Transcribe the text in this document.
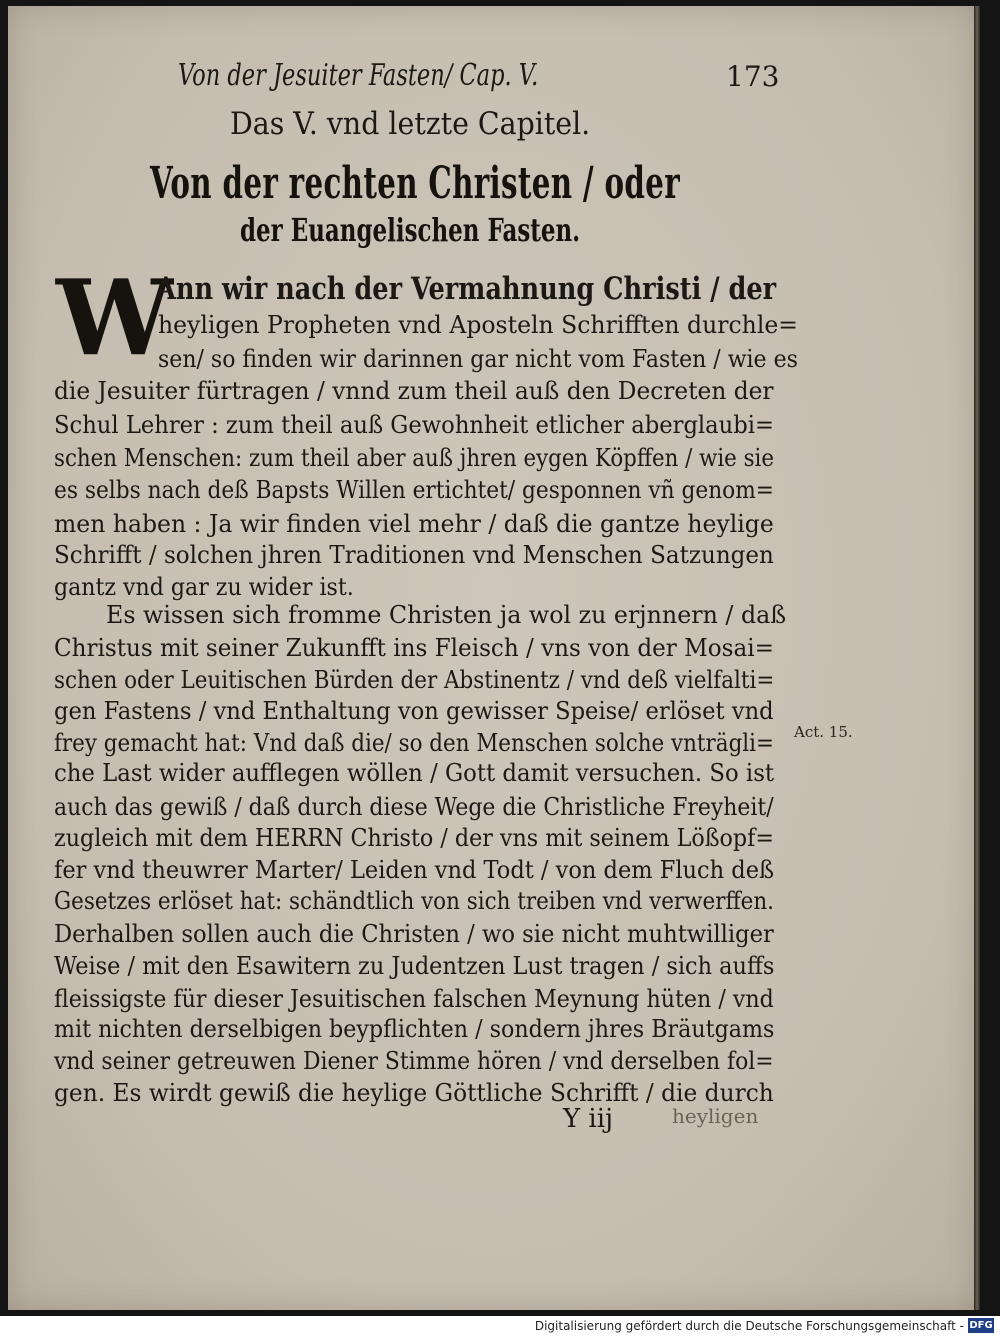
Von der Jesuiter Fasten/ Cap. V.	173
Das V. vnd letzte Capitel.
Von der rechten Christen / oder
der Euangelischen Fasten.
W
Ann wir nach der Vermahnung Christi / der
heyligen Propheten vnd Aposteln Schrifften durchle=
sen/ so finden wir darinnen gar nicht vom Fasten / wie es
die Jesuiter fürtragen / vnnd zum theil auß den Decreten der
Schul Lehrer : zum theil auß Gewohnheit etlicher aberglaubi=
schen Menschen: zum theil aber auß jhren eygen Köpffen / wie sie
es selbs nach deß Bapsts Willen ertichtet/ gesponnen vñ genom=
men haben : Ja wir finden viel mehr / daß die gantze heylige
Schrifft / solchen jhren Traditionen vnd Menschen Satzungen
gantz vnd gar zu wider ist.
Es wissen sich fromme Christen ja wol zu erjnnern / daß
Christus mit seiner Zukunfft ins Fleisch / vns von der Mosai=
schen oder Leuitischen Bürden der Abstinentz / vnd deß vielfalti=
gen Fastens / vnd Enthaltung von gewisser Speise/ erlöset vnd
frey gemacht hat: Vnd daß die/ so den Menschen solche vnträgli=
che Last wider aufflegen wöllen / Gott damit versuchen. So ist
auch das gewiß / daß durch diese Wege die Christliche Freyheit/
zugleich mit dem HERRN Christo / der vns mit seinem Lößopf=
fer vnd theuwrer Marter/ Leiden vnd Todt / von dem Fluch deß
Gesetzes erlöset hat: schändtlich von sich treiben vnd verwerffen.
Derhalben sollen auch die Christen / wo sie nicht muhtwilliger
Weise / mit den Esawitern zu Judentzen Lust tragen / sich auffs
fleissigste für dieser Jesuitischen falschen Meynung hüten / vnd
mit nichten derselbigen beypflichten / sondern jhres Bräutgams
vnd seiner getreuwen Diener Stimme hören / vnd derselben fol=
gen. Es wirdt gewiß die heylige Göttliche Schrifft / die durch
Act. 15.
Y iij	heyligen
Digitalisierung gefördert durch die Deutsche Forschungsgemeinschaft - DFG
